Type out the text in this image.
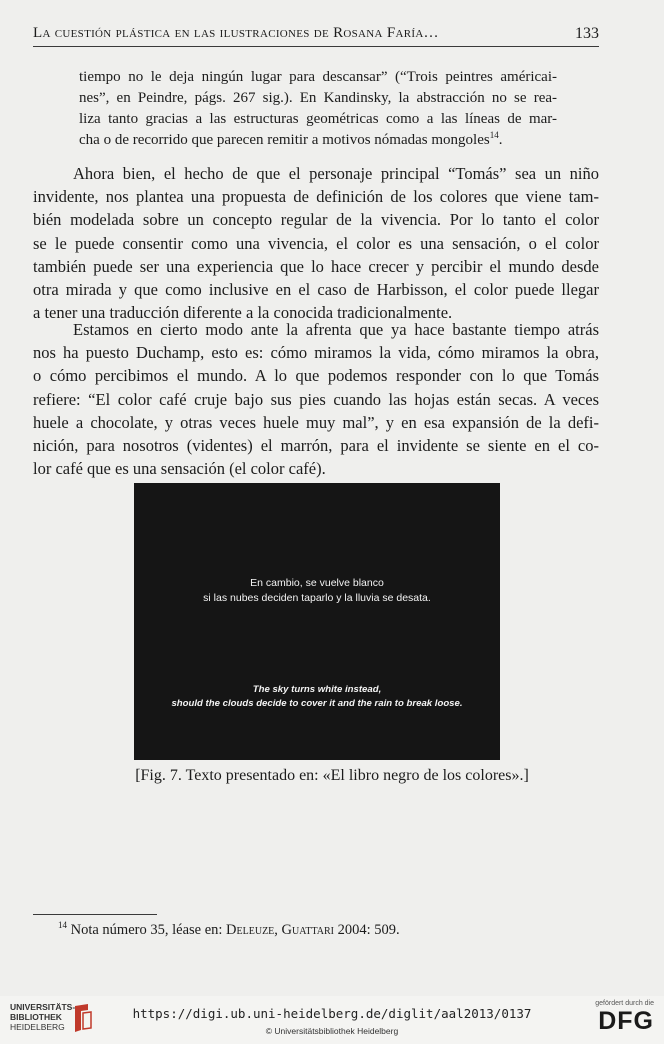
La cuestión plástica en las ilustraciones de Rosana Faría…	133
tiempo no le deja ningún lugar para descansar” (“Trois peintres américai-
nes”, en Peindre, págs. 267 sig.). En Kandinsky, la abstracción no se rea-
liza tanto gracias a las estructuras geométricas como a las líneas de mar-
cha o de recorrido que parecen remitir a motivos nómadas mongoles$^{14}$.
Ahora bien, el hecho de que el personaje principal “Tomás” sea un niño
invidente, nos plantea una propuesta de definición de los colores que viene tam-
bién modelada sobre un concepto regular de la vivencia. Por lo tanto el color
se le puede consentir como una vivencia, el color es una sensación, o el color
también puede ser una experiencia que lo hace crecer y percibir el mundo desde
otra mirada y que como inclusive en el caso de Harbisson, el color puede llegar
a tener una traducción diferente a la conocida tradicionalmente.
Estamos en cierto modo ante la afrenta que ya hace bastante tiempo atrás
nos ha puesto Duchamp, esto es: cómo miramos la vida, cómo miramos la obra,
o cómo percibimos el mundo. A lo que podemos responder con lo que Tomás
refiere: “El color café cruje bajo sus pies cuando las hojas están secas. A veces
huele a chocolate, y otras veces huele muy mal”, y en esa expansión de la defi-
nición, para nosotros (videntes) el marrón, para el invidente se siente en el co-
lor café que es una sensación (el color café).
En cambio, se vuelve blanco
si las nubes deciden taparlo y la lluvia se desata.
The sky turns white instead,
should the clouds decide to cover it and the rain to break loose.
[Fig. 7. Texto presentado en: «El libro negro de los colores».]
$^{14}$ Nota número 35, léase en: Deleuze, Guattari 2004: 509.
UNIVERSITÄTS-
BIBLIOTHEK
HEIDELBERG
https://digi.ub.uni-heidelberg.de/diglit/aal2013/0137
© Universitätsbibliothek Heidelberg
gefördert durch die
DFG
